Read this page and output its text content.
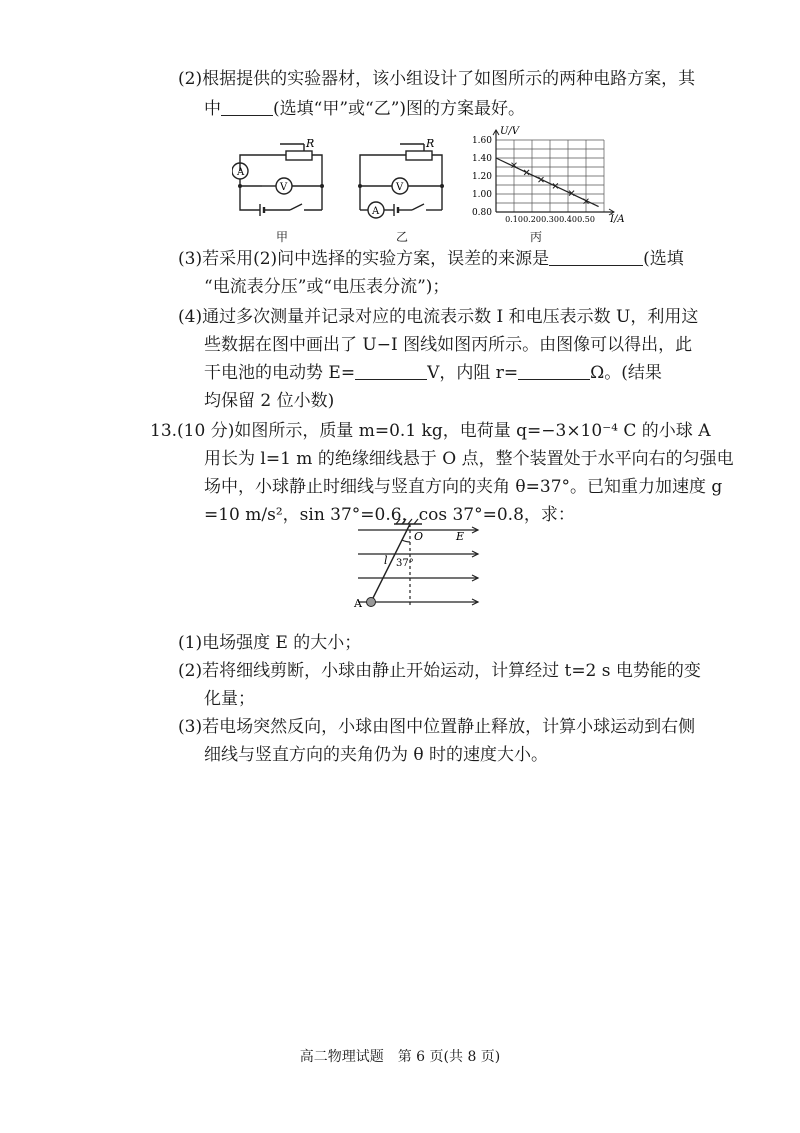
(2)根据提供的实验器材，该小组设计了如图所示的两种电路方案，其
中	(选填“甲”或“乙”)图的方案最好。
R
A
V
甲
R
V
A
乙
U/V
I/A
1.60
1.40
1.20
1.00
0.80
0.10 0.20 0.30 0.40 0.50
丙
(3)若采用(2)问中选择的实验方案，误差的来源是	(选填
“电流表分压”或“电压表分流”)；
(4)通过多次测量并记录对应的电流表示数 I 和电压表示数 U，利用这
些数据在图中画出了 U−I 图线如图丙所示。由图像可以得出，此
干电池的电动势 E=	V，内阻 r=	Ω。(结果
均保留 2 位小数)
13.(10 分)如图所示，质量 m=0.1 kg，电荷量 q=−3×10⁻⁴ C 的小球 A
用长为 l=1 m 的绝缘细线悬于 O 点，整个装置处于水平向右的匀强电
场中，小球静止时细线与竖直方向的夹角 θ=37°。已知重力加速度 g
=10 m/s²，sin 37°=0.6，cos 37°=0.8，求：
O	E
l 37°
A
(1)电场强度 E 的大小；
(2)若将细线剪断，小球由静止开始运动，计算经过 t=2 s 电势能的变
化量；
(3)若电场突然反向，小球由图中位置静止释放，计算小球运动到右侧
细线与竖直方向的夹角仍为 θ 时的速度大小。
高二物理试题　第 6 页(共 8 页)
